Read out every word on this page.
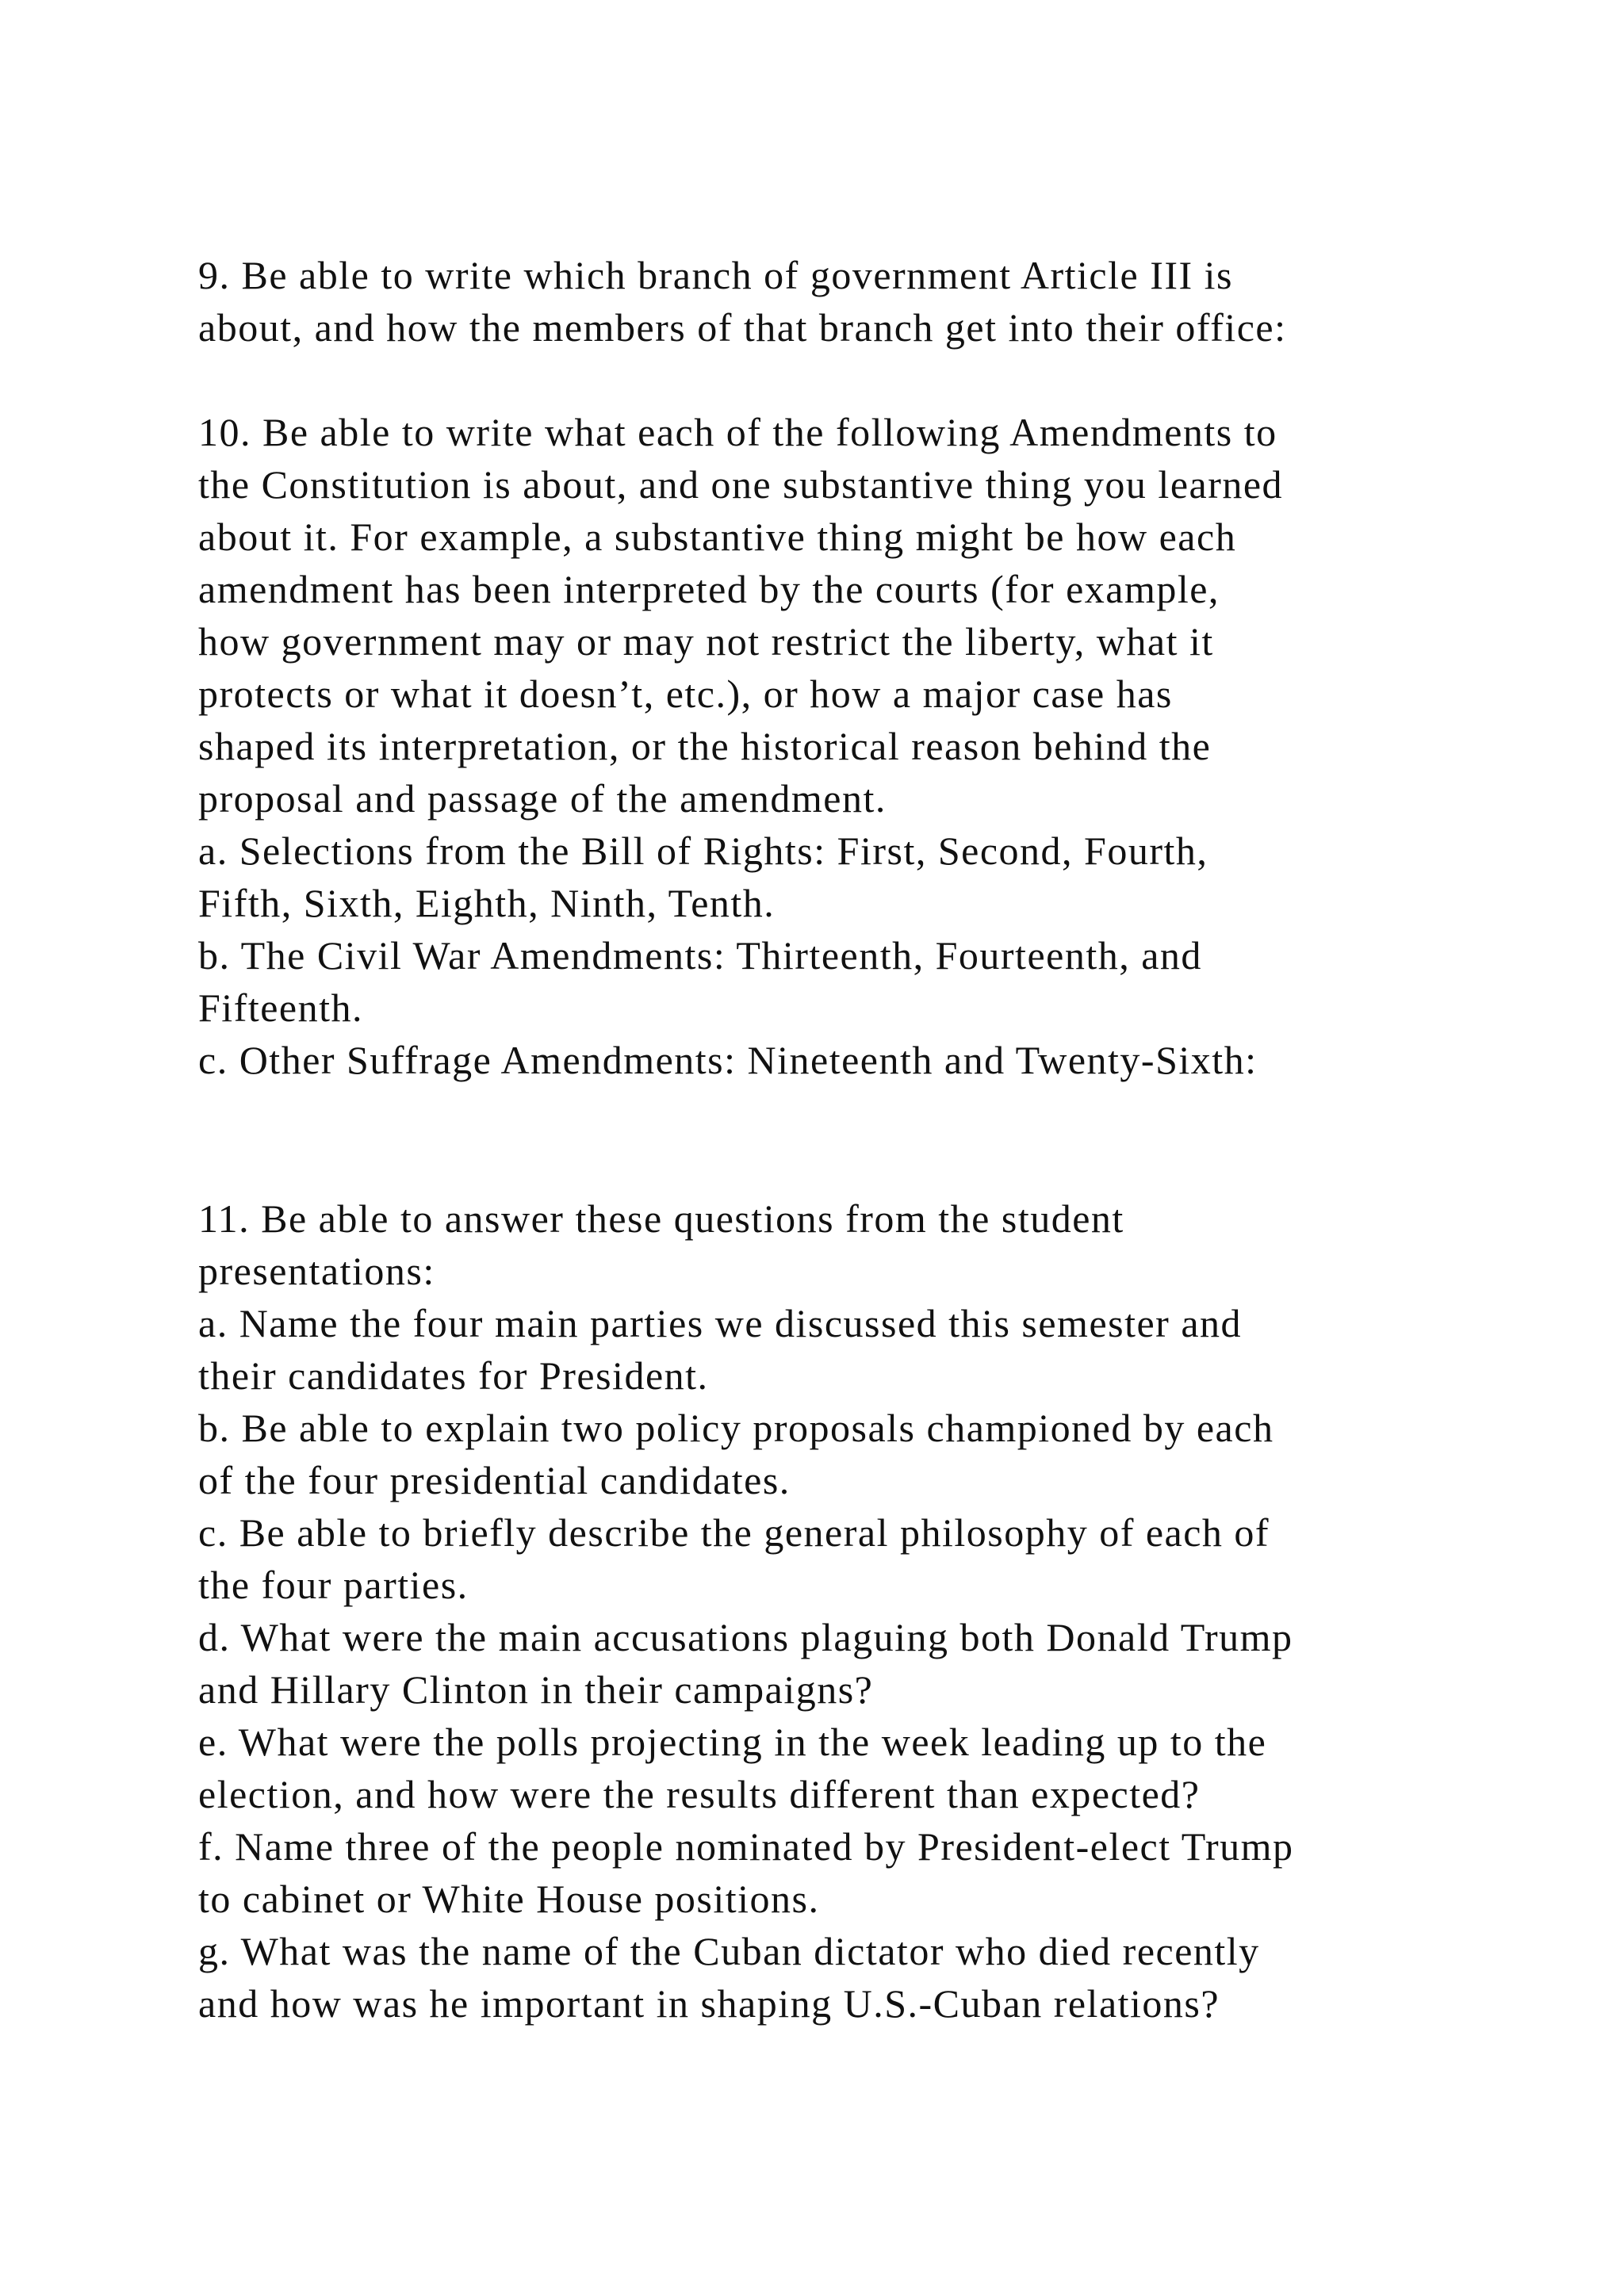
9. Be able to write which branch of government Article III is
about, and how the members of that branch get into their office:
10. Be able to write what each of the following Amendments to
the Constitution is about, and one substantive thing you learned
about it. For example, a substantive thing might be how each
amendment has been interpreted by the courts (for example,
how government may or may not restrict the liberty, what it
protects or what it doesn’t, etc.), or how a major case has
shaped its interpretation, or the historical reason behind the
proposal and passage of the amendment.
a. Selections from the Bill of Rights: First, Second, Fourth,
Fifth, Sixth, Eighth, Ninth, Tenth.
b. The Civil War Amendments: Thirteenth, Fourteenth, and
Fifteenth.
c. Other Suffrage Amendments: Nineteenth and Twenty-Sixth:
11. Be able to answer these questions from the student
presentations:
a. Name the four main parties we discussed this semester and
their candidates for President.
b. Be able to explain two policy proposals championed by each
of the four presidential candidates.
c. Be able to briefly describe the general philosophy of each of
the four parties.
d. What were the main accusations plaguing both Donald Trump
and Hillary Clinton in their campaigns?
e. What were the polls projecting in the week leading up to the
election, and how were the results different than expected?
f. Name three of the people nominated by President-elect Trump
to cabinet or White House positions.
g. What was the name of the Cuban dictator who died recently
and how was he important in shaping U.S.-Cuban relations?
